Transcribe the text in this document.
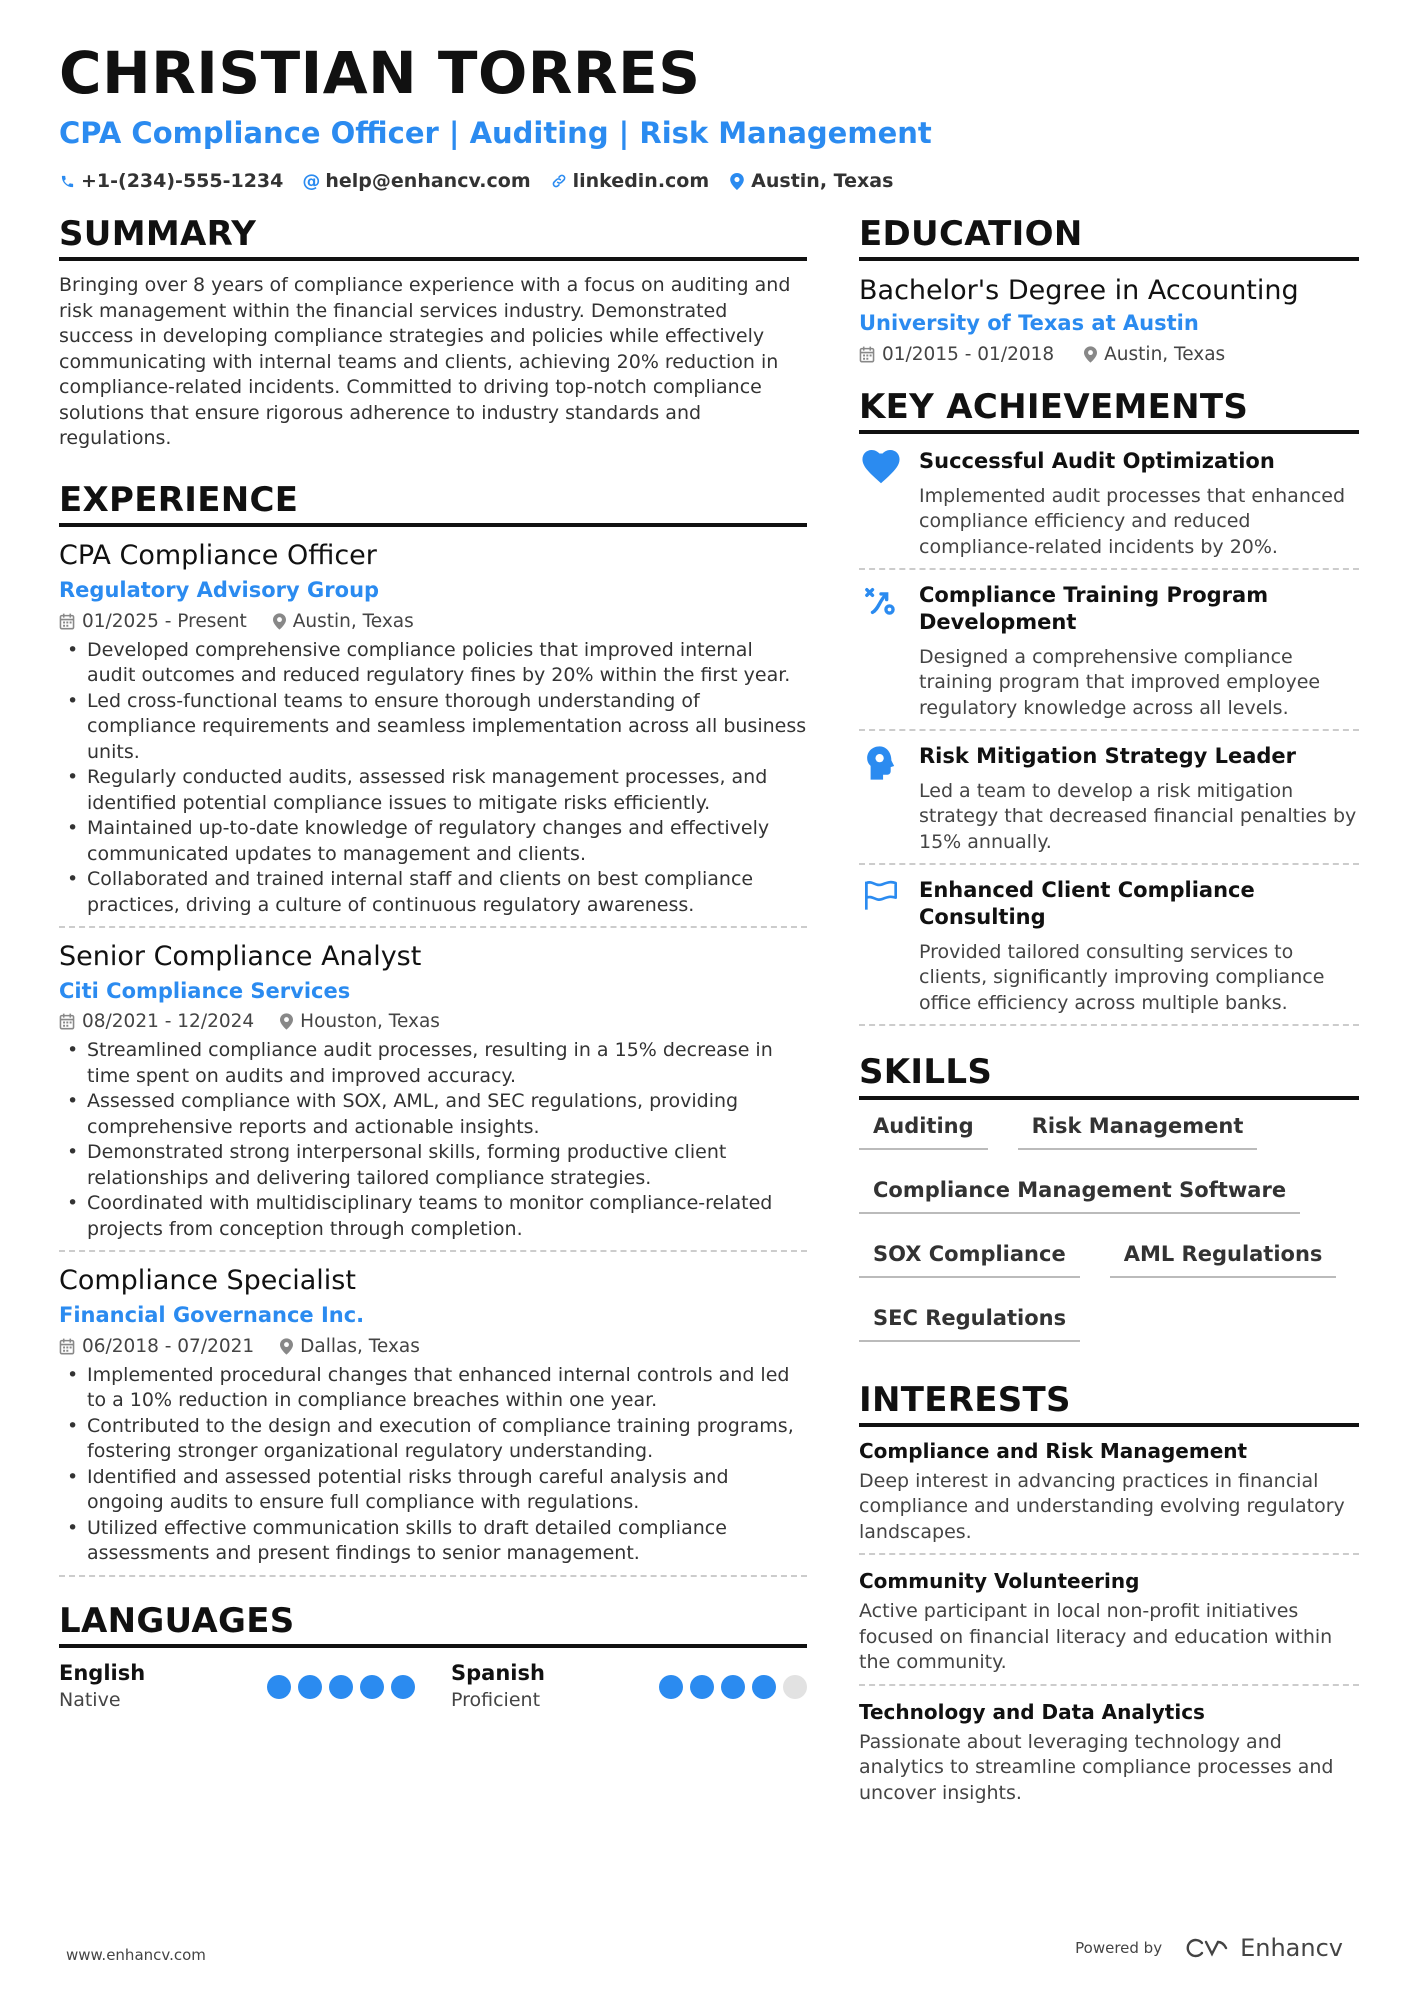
CHRISTIAN TORRES
CPA Compliance Officer | Auditing | Risk Management
+1-(234)-555-1234 @ help@enhancv.com linkedin.com Austin, Texas
SUMMARY
Bringing over 8 years of compliance experience with a focus on auditing and risk management within the financial services industry. Demonstrated success in developing compliance strategies and policies while effectively communicating with internal teams and clients, achieving 20% reduction in compliance-related incidents. Committed to driving top-notch compliance solutions that ensure rigorous adherence to industry standards and regulations.
EXPERIENCE
CPA Compliance Officer
Regulatory Advisory Group
01/2025 - Present Austin, Texas
• Developed comprehensive compliance policies that improved internal audit outcomes and reduced regulatory fines by 20% within the first year.
• Led cross-functional teams to ensure thorough understanding of compliance requirements and seamless implementation across all business units.
• Regularly conducted audits, assessed risk management processes, and identified potential compliance issues to mitigate risks efficiently.
• Maintained up-to-date knowledge of regulatory changes and effectively communicated updates to management and clients.
• Collaborated and trained internal staff and clients on best compliance practices, driving a culture of continuous regulatory awareness.
Senior Compliance Analyst
Citi Compliance Services
08/2021 - 12/2024 Houston, Texas
• Streamlined compliance audit processes, resulting in a 15% decrease in time spent on audits and improved accuracy.
• Assessed compliance with SOX, AML, and SEC regulations, providing comprehensive reports and actionable insights.
• Demonstrated strong interpersonal skills, forming productive client relationships and delivering tailored compliance strategies.
• Coordinated with multidisciplinary teams to monitor compliance-related projects from conception through completion.
Compliance Specialist
Financial Governance Inc.
06/2018 - 07/2021 Dallas, Texas
• Implemented procedural changes that enhanced internal controls and led to a 10% reduction in compliance breaches within one year.
• Contributed to the design and execution of compliance training programs, fostering stronger organizational regulatory understanding.
• Identified and assessed potential risks through careful analysis and ongoing audits to ensure full compliance with regulations.
• Utilized effective communication skills to draft detailed compliance assessments and present findings to senior management.
LANGUAGES
English
Native
Spanish
Proficient
EDUCATION
Bachelor's Degree in Accounting
University of Texas at Austin
01/2015 - 01/2018	Austin, Texas
KEY ACHIEVEMENTS
Successful Audit Optimization
Implemented audit processes that enhanced compliance efficiency and reduced compliance-related incidents by 20%.
Compliance Training Program Development
Designed a comprehensive compliance training program that improved employee regulatory knowledge across all levels.
Risk Mitigation Strategy Leader
Led a team to develop a risk mitigation strategy that decreased financial penalties by 15% annually.
Enhanced Client Compliance Consulting
Provided tailored consulting services to clients, significantly improving compliance office efficiency across multiple banks.
SKILLS
Auditing	Risk Management
Compliance Management Software
SOX Compliance	AML Regulations
SEC Regulations
INTERESTS
Compliance and Risk Management
Deep interest in advancing practices in financial compliance and understanding evolving regulatory landscapes.
Community Volunteering
Active participant in local non-profit initiatives focused on financial literacy and education within the community.
Technology and Data Analytics
Passionate about leveraging technology and analytics to streamline compliance processes and uncover insights.
www.enhancv.com	Powered by	Enhancv
